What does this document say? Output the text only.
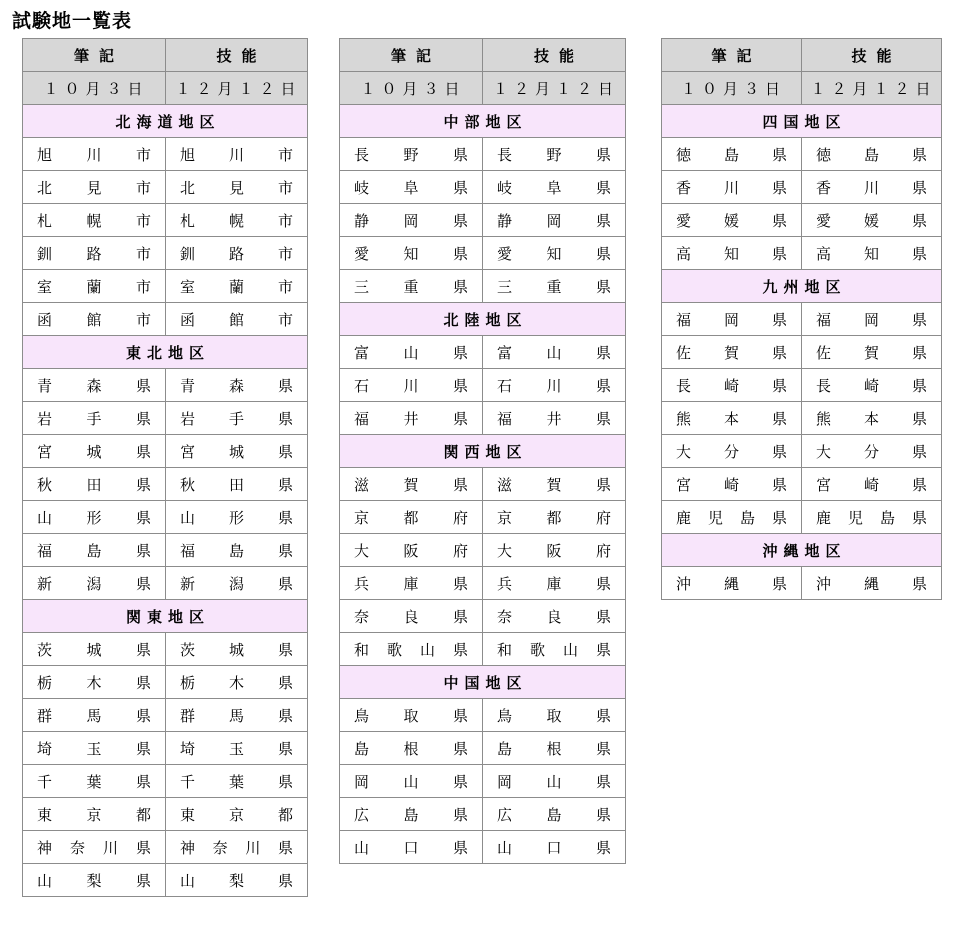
試験地一覧表
筆記	技能
１０月３日	１２月１２日
北海道地区	

旭 川 市	旭 川 市

北 見 市	北 見 市

札 幌 市	札 幌 市

釧 路 市	釧 路 市

室 蘭 市	室 蘭 市

函 館 市	函 館 市

東北地区	

青 森 県	青 森 県

岩 手 県	岩 手 県

宮 城 県	宮 城 県

秋 田 県	秋 田 県

山 形 県	山 形 県

福 島 県	福 島 県

新 潟 県	新 潟 県

関東地区	

茨 城 県	茨 城 県

栃 木 県	栃 木 県

群 馬 県	群 馬 県

埼 玉 県	埼 玉 県

千 葉 県	千 葉 県

東 京 都	東 京 都

神 奈 川 県	神 奈 川 県

山 梨 県	山 梨 県
筆記	技能
１０月３日	１２月１２日
中部地区	

長 野 県	長 野 県

岐 阜 県	岐 阜 県

静 岡 県	静 岡 県

愛 知 県	愛 知 県

三 重 県	三 重 県

北陸地区	

富 山 県	富 山 県

石 川 県	石 川 県

福 井 県	福 井 県

関西地区	

滋 賀 県	滋 賀 県

京 都 府	京 都 府

大 阪 府	大 阪 府

兵 庫 県	兵 庫 県

奈 良 県	奈 良 県

和 歌 山 県	和 歌 山 県

中国地区	

鳥 取 県	鳥 取 県

島 根 県	島 根 県

岡 山 県	岡 山 県

広 島 県	広 島 県

山 口 県	山 口 県
筆記	技能
１０月３日	１２月１２日
四国地区	

徳 島 県	徳 島 県

香 川 県	香 川 県

愛 媛 県	愛 媛 県

高 知 県	高 知 県

九州地区	

福 岡 県	福 岡 県

佐 賀 県	佐 賀 県

長 崎 県	長 崎 県

熊 本 県	熊 本 県

大 分 県	大 分 県

宮 崎 県	宮 崎 県

鹿 児 島 県	鹿 児 島 県

沖縄地区	

沖 縄 県	沖 縄 県
